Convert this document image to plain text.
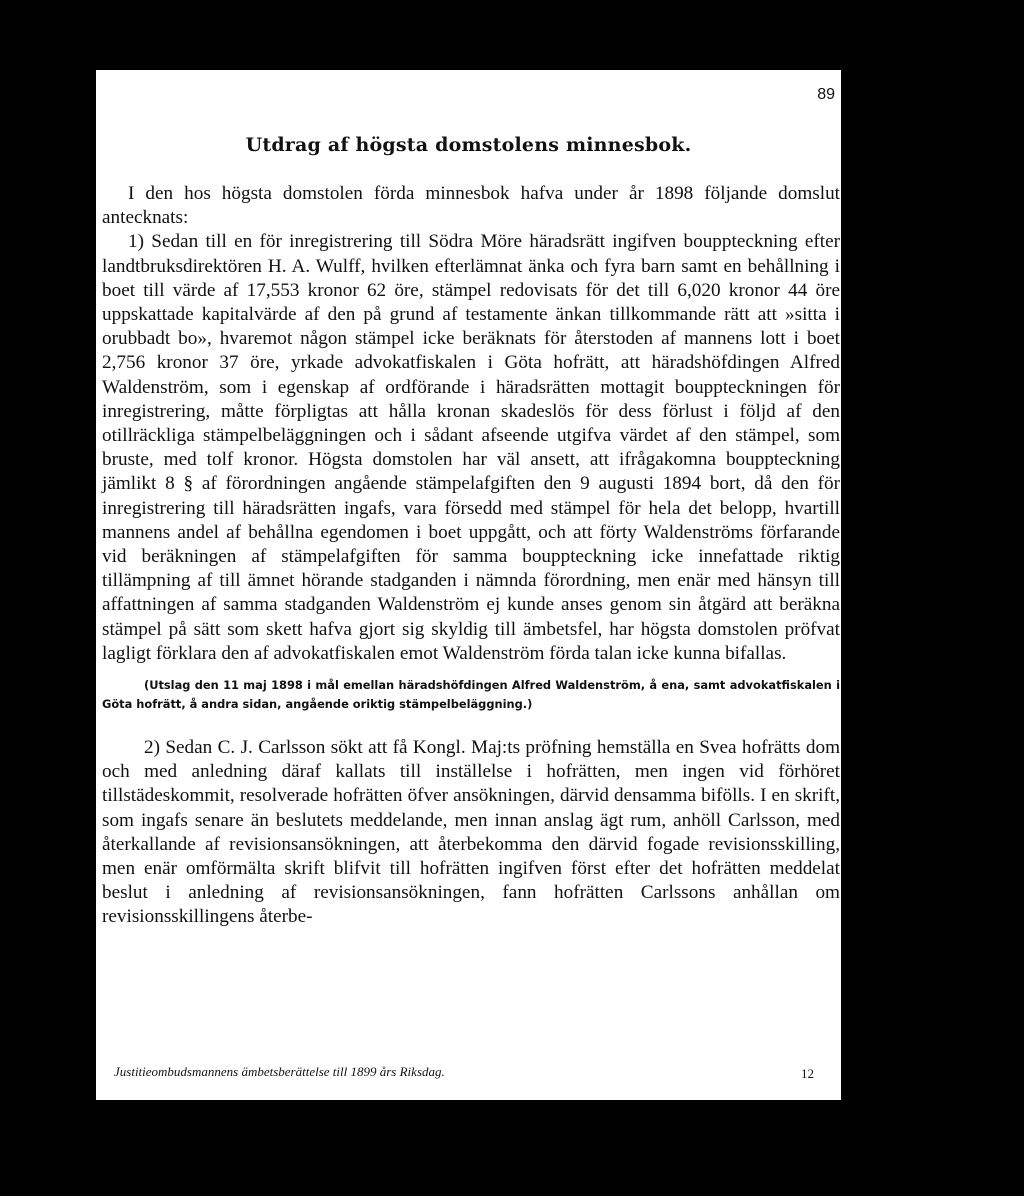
89
Utdrag af högsta domstolens minnesbok.

I den hos högsta domstolen förda minnesbok hafva under år 1898 följande domslut antecknats:

1) Sedan till en för inregistrering till Södra Möre häradsrätt ingifven bouppteckning efter landtbruksdirektören H. A. Wulff, hvilken efterlämnat änka och fyra barn samt en behållning i boet till värde af 17,553 kronor 62 öre, stämpel redovisats för det till 6,020 kronor 44 öre uppskattade kapitalvärde af den på grund af testamente änkan tillkommande rätt att »sitta i orubbadt bo», hvaremot någon stämpel icke beräknats för återstoden af mannens lott i boet 2,756 kronor 37 öre, yrkade advokatfiskalen i Göta hofrätt, att häradshöfdingen Alfred Waldenström, som i egenskap af ordförande i häradsrätten mottagit bouppteckningen för inregistrering, måtte förpligtas att hålla kronan skadeslös för dess förlust i följd af den otillräckliga stämpelbeläggningen och i sådant afseende utgifva värdet af den stämpel, som bruste, med tolf kronor. Högsta domstolen har väl ansett, att ifrågakomna bouppteckning jämlikt 8 § af förordningen angående stämpelafgiften den 9 augusti 1894 bort, då den för inregistrering till häradsrätten ingafs, vara försedd med stämpel för hela det belopp, hvartill mannens andel af behållna egendomen i boet uppgått, och att förty Waldenströms förfarande vid beräkningen af stämpelafgiften för samma bouppteckning icke innefattade riktig tillämpning af till ämnet hörande stadganden i nämnda förordning, men enär med hänsyn till affattningen af samma stadganden Waldenström ej kunde anses genom sin åtgärd att beräkna stämpel på sätt som skett hafva gjort sig skyldig till ämbetsfel, har högsta domstolen pröfvat lagligt förklara den af advokatfiskalen emot Waldenström förda talan icke kunna bifallas.

(Utslag den 11 maj 1898 i mål emellan häradshöfdingen Alfred Waldenström, å ena, samt advokatfiskalen i Göta hofrätt, å andra sidan, angående oriktig stämpelbeläggning.)

2) Sedan C. J. Carlsson sökt att få Kongl. Maj:ts pröfning hemställa en Svea hofrätts dom och med anledning däraf kallats till inställelse i hofrätten, men ingen vid förhöret tillstädeskommit, resolverade hofrätten öfver ansökningen, därvid densamma bifölls. I en skrift, som ingafs senare än beslutets meddelande, men innan anslag ägt rum, anhöll Carlsson, med återkallande af revisionsansökningen, att återbekomma den därvid fogade revisionsskilling, men enär omförmälta skrift blifvit till hofrätten ingifven först efter det hofrätten meddelat beslut i anledning af revisionsansökningen, fann hofrätten Carlssons anhållan om revisionsskillingens återbe-

Justitieombudsmannens ämbetsberättelse till 1899 års Riksdag.	12
